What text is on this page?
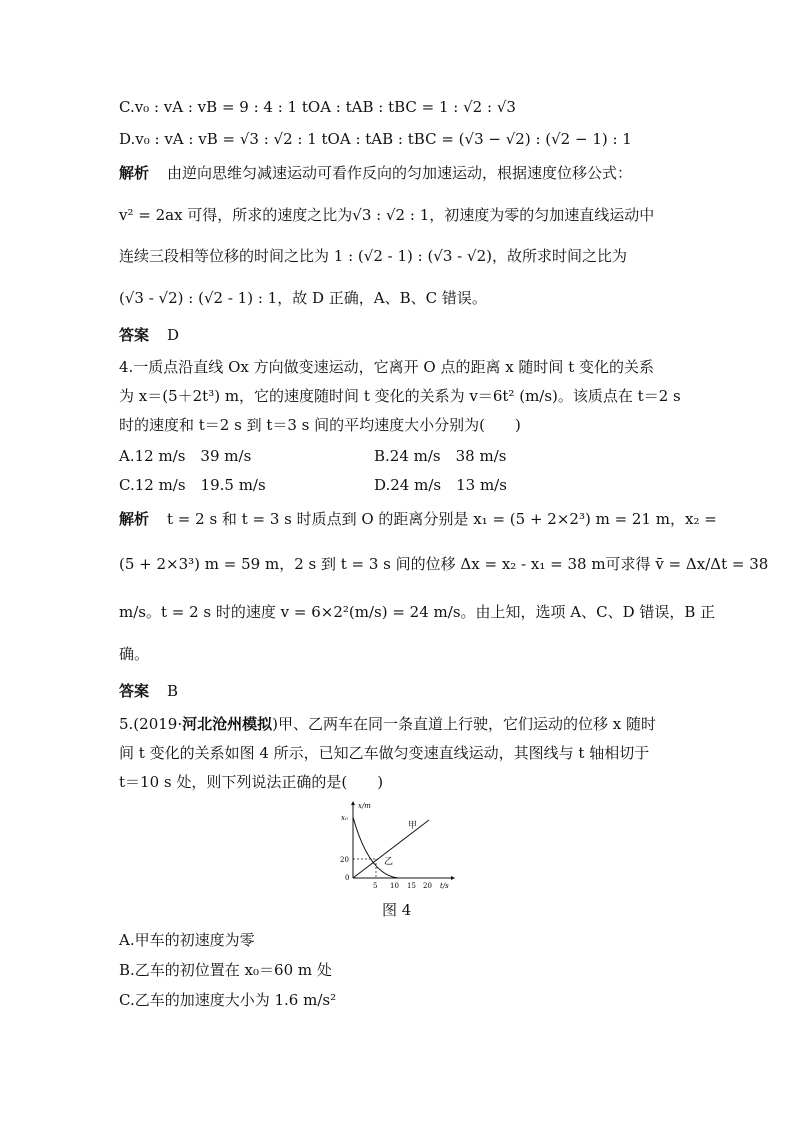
C.v₀ : vA : vB = 9 : 4 : 1 tOA : tAB : tBC = 1 : √2 : √3
D.v₀ : vA : vB = √3 : √2 : 1 tOA : tAB : tBC = (√3 − √2) : (√2 − 1) : 1
解析 由逆向思维匀减速运动可看作反向的匀加速运动，根据速度位移公式：
v² = 2ax 可得，所求的速度之比为√3 : √2 : 1，初速度为零的匀加速直线运动中
连续三段相等位移的时间之比为 1 : (√2 - 1) : (√3 - √2)，故所求时间之比为
(√3 - √2) : (√2 - 1) : 1，故 D 正确，A、B、C 错误。
答案 D
4.一质点沿直线 Ox 方向做变速运动，它离开 O 点的距离 x 随时间 t 变化的关系
为 x＝(5＋2t³) m，它的速度随时间 t 变化的关系为 v＝6t² (m/s)。该质点在 t＝2 s
时的速度和 t＝2 s 到 t＝3 s 间的平均速度大小分别为(　　)
A.12 m/s　39 m/s	B.24 m/s　38 m/s
C.12 m/s　19.5 m/s	D.24 m/s　13 m/s
解析 t = 2 s 和 t = 3 s 时质点到 O 的距离分别是 x₁ = (5 + 2×2³) m = 21 m，x₂ =
(5 + 2×3³) m = 59 m，2 s 到 t = 3 s 间的位移 Δx = x₂ - x₁ = 38 m可求得 v̄ = Δx/Δt = 38
m/s。t = 2 s 时的速度 v = 6×2²(m/s) = 24 m/s。由上知，选项 A、C、D 错误，B 正
确。
答案 B
5.(2019·河北沧州模拟)甲、乙两车在同一条直道上行驶，它们运动的位移 x 随时
间 t 变化的关系如图 4 所示，已知乙车做匀变速直线运动，其图线与 t 轴相切于
t＝10 s 处，则下列说法正确的是(　　)
x/m
x₀
20
0
5 10 15 20 t/s
甲
乙
图 4
A.甲车的初速度为零
B.乙车的初位置在 x₀＝60 m 处
C.乙车的加速度大小为 1.6 m/s²
